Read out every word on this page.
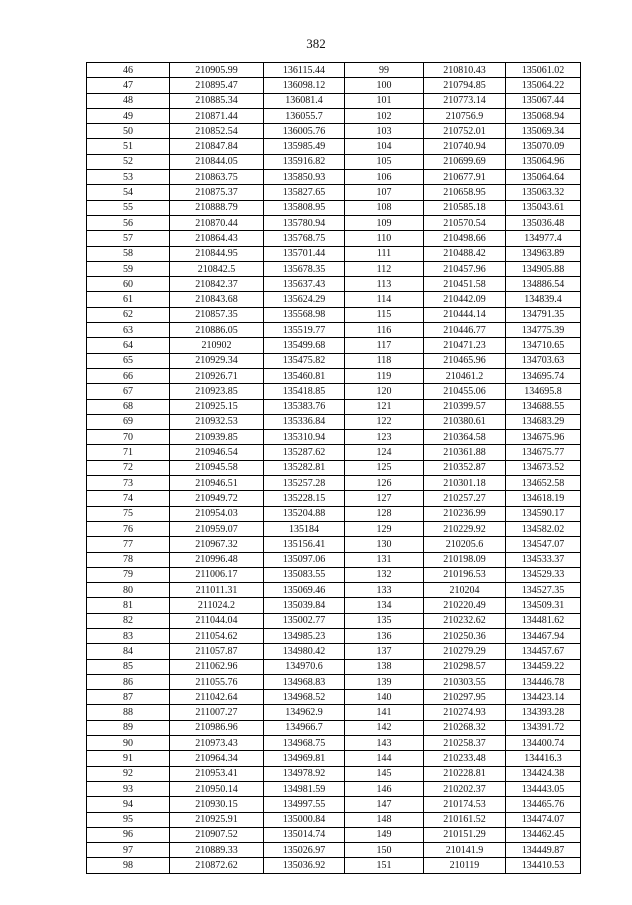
382
46	210905.99	136115.44	99	210810.43	135061.02
47	210895.47	136098.12	100	210794.85	135064.22
48	210885.34	136081.4	101	210773.14	135067.44
49	210871.44	136055.7	102	210756.9	135068.94
50	210852.54	136005.76	103	210752.01	135069.34
51	210847.84	135985.49	104	210740.94	135070.09
52	210844.05	135916.82	105	210699.69	135064.96
53	210863.75	135850.93	106	210677.91	135064.64
54	210875.37	135827.65	107	210658.95	135063.32
55	210888.79	135808.95	108	210585.18	135043.61
56	210870.44	135780.94	109	210570.54	135036.48
57	210864.43	135768.75	110	210498.66	134977.4
58	210844.95	135701.44	111	210488.42	134963.89
59	210842.5	135678.35	112	210457.96	134905.88
60	210842.37	135637.43	113	210451.58	134886.54
61	210843.68	135624.29	114	210442.09	134839.4
62	210857.35	135568.98	115	210444.14	134791.35
63	210886.05	135519.77	116	210446.77	134775.39
64	210902	135499.68	117	210471.23	134710.65
65	210929.34	135475.82	118	210465.96	134703.63
66	210926.71	135460.81	119	210461.2	134695.74
67	210923.85	135418.85	120	210455.06	134695.8
68	210925.15	135383.76	121	210399.57	134688.55
69	210932.53	135336.84	122	210380.61	134683.29
70	210939.85	135310.94	123	210364.58	134675.96
71	210946.54	135287.62	124	210361.88	134675.77
72	210945.58	135282.81	125	210352.87	134673.52
73	210946.51	135257.28	126	210301.18	134652.58
74	210949.72	135228.15	127	210257.27	134618.19
75	210954.03	135204.88	128	210236.99	134590.17
76	210959.07	135184	129	210229.92	134582.02
77	210967.32	135156.41	130	210205.6	134547.07
78	210996.48	135097.06	131	210198.09	134533.37
79	211006.17	135083.55	132	210196.53	134529.33
80	211011.31	135069.46	133	210204	134527.35
81	211024.2	135039.84	134	210220.49	134509.31
82	211044.04	135002.77	135	210232.62	134481.62
83	211054.62	134985.23	136	210250.36	134467.94
84	211057.87	134980.42	137	210279.29	134457.67
85	211062.96	134970.6	138	210298.57	134459.22
86	211055.76	134968.83	139	210303.55	134446.78
87	211042.64	134968.52	140	210297.95	134423.14
88	211007.27	134962.9	141	210274.93	134393.28
89	210986.96	134966.7	142	210268.32	134391.72
90	210973.43	134968.75	143	210258.37	134400.74
91	210964.34	134969.81	144	210233.48	134416.3
92	210953.41	134978.92	145	210228.81	134424.38
93	210950.14	134981.59	146	210202.37	134443.05
94	210930.15	134997.55	147	210174.53	134465.76
95	210925.91	135000.84	148	210161.52	134474.07
96	210907.52	135014.74	149	210151.29	134462.45
97	210889.33	135026.97	150	210141.9	134449.87
98	210872.62	135036.92	151	210119	134410.53
